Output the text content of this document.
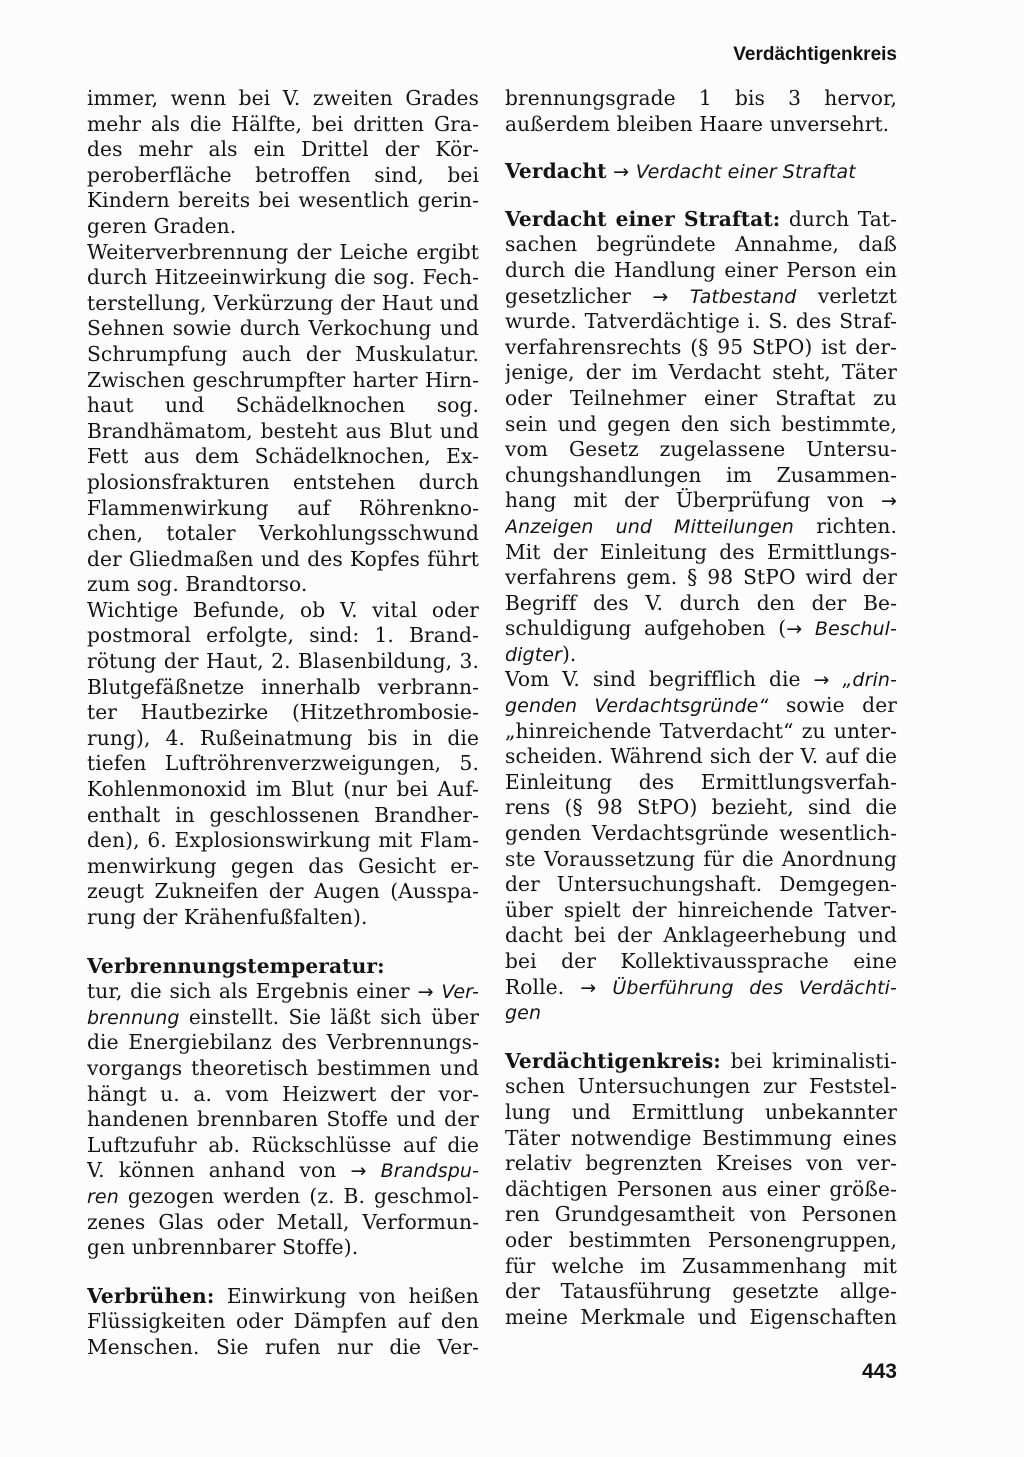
Verdächtigenkreis
immer, wenn bei V. zweiten Grades
mehr als die Hälfte, bei dritten Gra-
des mehr als ein Drittel der Kör-
peroberfläche betroffen sind, bei
Kindern bereits bei wesentlich gerin-
geren Graden.
Weiterverbrennung der Leiche ergibt
durch Hitzeeinwirkung die sog. Fech-
terstellung, Verkürzung der Haut und
Sehnen sowie durch Verkochung und
Schrumpfung auch der Muskulatur.
Zwischen geschrumpfter harter Hirn-
haut und Schädelknochen sog.
Brandhämatom, besteht aus Blut und
Fett aus dem Schädelknochen, Ex-
plosionsfrakturen entstehen durch
Flammenwirkung auf Röhrenkno-
chen, totaler Verkohlungsschwund
der Gliedmaßen und des Kopfes führt
zum sog. Brandtorso.
Wichtige Befunde, ob V. vital oder
postmoral erfolgte, sind: 1. Brand-
rötung der Haut, 2. Blasenbildung, 3.
Blutgefäßnetze innerhalb verbrann-
ter Hautbezirke (Hitzethrombosie-
rung), 4. Rußeinatmung bis in die
tiefen Luftröhrenverzweigungen, 5.
Kohlenmonoxid im Blut (nur bei Auf-
enthalt in geschlossenen Brandher-
den), 6. Explosionswirkung mit Flam-
menwirkung gegen das Gesicht er-
zeugt Zukneifen der Augen (Ausspa-
rung der Krähenfußfalten).
Verbrennungstemperatur:
tur, die sich als Ergebnis einer → Ver-
brennung einstellt. Sie läßt sich über
die Energiebilanz des Verbrennungs-
vorgangs theoretisch bestimmen und
hängt u. a. vom Heizwert der vor-
handenen brennbaren Stoffe und der
Luftzufuhr ab. Rückschlüsse auf die
V. können anhand von → Brandspu-
ren gezogen werden (z. B. geschmol-
zenes Glas oder Metall, Verformun-
gen unbrennbarer Stoffe).
Verbrühen: Einwirkung von heißen
Flüssigkeiten oder Dämpfen auf den
Menschen. Sie rufen nur die Ver-
brennungsgrade 1 bis 3 hervor,
außerdem bleiben Haare unversehrt.
Verdacht → Verdacht einer Straftat
Verdacht einer Straftat: durch Tat-
sachen begründete Annahme, daß
durch die Handlung einer Person ein
gesetzlicher → Tatbestand verletzt
wurde. Tatverdächtige i. S. des Straf-
verfahrensrechts (§ 95 StPO) ist der-
jenige, der im Verdacht steht, Täter
oder Teilnehmer einer Straftat zu
sein und gegen den sich bestimmte,
vom Gesetz zugelassene Untersu-
chungshandlungen im Zusammen-
hang mit der Überprüfung von →
Anzeigen und Mitteilungen richten.
Mit der Einleitung des Ermittlungs-
verfahrens gem. § 98 StPO wird der
Begriff des V. durch den der Be-
schuldigung aufgehoben (→ Beschul-
digter).
Vom V. sind begrifflich die → „drin-
genden Verdachtsgründe“ sowie der
„hinreichende Tatverdacht“ zu unter-
scheiden. Während sich der V. auf die
Einleitung des Ermittlungsverfah-
rens (§ 98 StPO) bezieht, sind die
genden Verdachtsgründe wesentlich-
ste Voraussetzung für die Anordnung
der Untersuchungshaft. Demgegen-
über spielt der hinreichende Tatver-
dacht bei der Anklageerhebung und
bei der Kollektivaussprache eine
Rolle. → Überführung des Verdächti-
gen
Verdächtigenkreis: bei kriminalisti-
schen Untersuchungen zur Feststel-
lung und Ermittlung unbekannter
Täter notwendige Bestimmung eines
relativ begrenzten Kreises von ver-
dächtigen Personen aus einer größe-
ren Grundgesamtheit von Personen
oder bestimmten Personengruppen,
für welche im Zusammenhang mit
der Tatausführung gesetzte allge-
meine Merkmale und Eigenschaften
443
